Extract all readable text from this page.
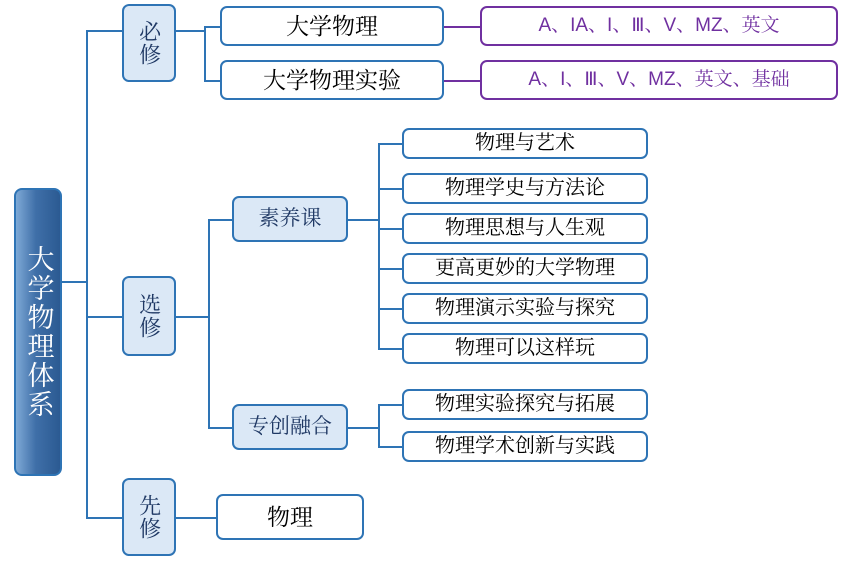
大学物理体系
必修
选修
先修
大学物理
大学物理实验
A、IA、I、Ⅲ、V、MZ、英文
A、I、Ⅲ、V、MZ、英文、基础
素养课
专创融合
物理与艺术
物理学史与方法论
物理思想与人生观
更高更妙的大学物理
物理演示实验与探究
物理可以这样玩
物理实验探究与拓展
物理学术创新与实践
物理
